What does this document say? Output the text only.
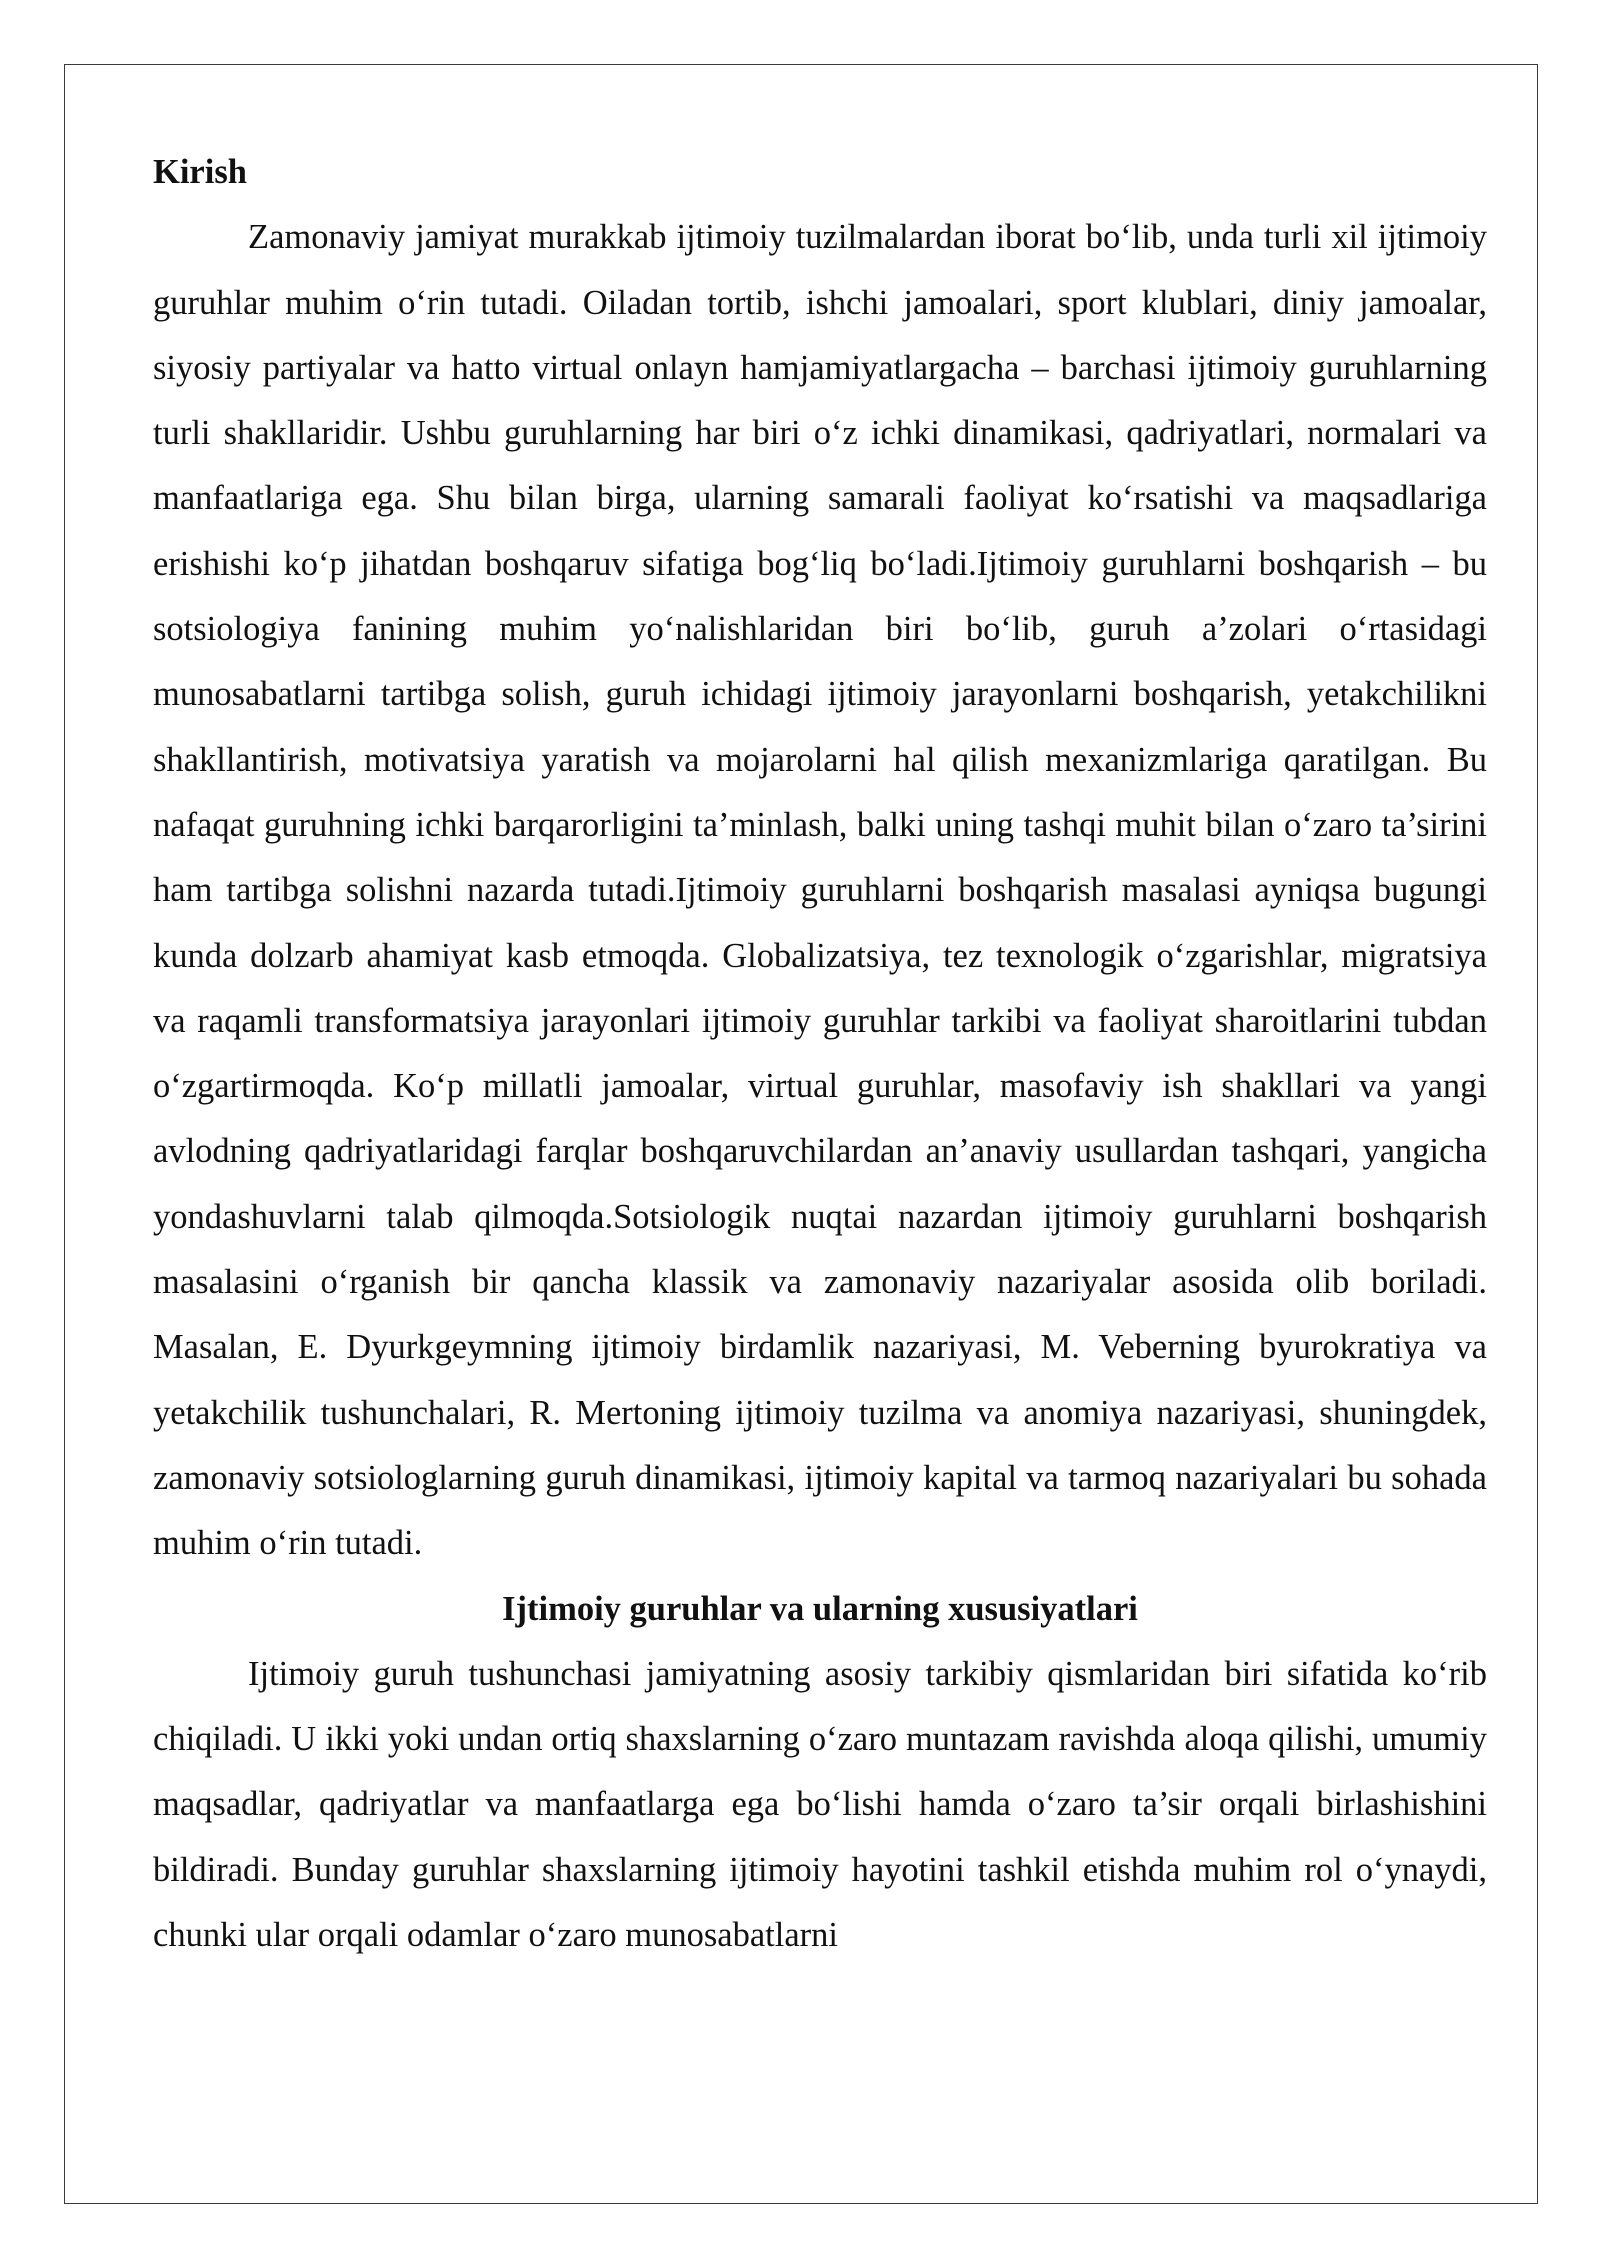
Kirish

Zamonaviy jamiyat murakkab ijtimoiy tuzilmalardan iborat bo‘lib, unda turli xil ijtimoiy guruhlar muhim o‘rin tutadi. Oiladan tortib, ishchi jamoalari, sport klublari, diniy jamoalar, siyosiy partiyalar va hatto virtual onlayn hamjamiyatlargacha – barchasi ijtimoiy guruhlarning turli shakllaridir. Ushbu guruhlarning har biri o‘z ichki dinamikasi, qadriyatlari, normalari va manfaatlariga ega. Shu bilan birga, ularning samarali faoliyat ko‘rsatishi va maqsadlariga erishishi ko‘p jihatdan boshqaruv sifatiga bog‘liq bo‘ladi.Ijtimoiy guruhlarni boshqarish – bu sotsiologiya fanining muhim yo‘nalishlaridan biri bo‘lib, guruh a’zolari o‘rtasidagi munosabatlarni tartibga solish, guruh ichidagi ijtimoiy jarayonlarni boshqarish, yetakchilikni shakllantirish, motivatsiya yaratish va mojarolarni hal qilish mexanizmlariga qaratilgan. Bu nafaqat guruhning ichki barqarorligini ta’minlash, balki uning tashqi muhit bilan o‘zaro ta’sirini ham tartibga solishni nazarda tutadi.Ijtimoiy guruhlarni boshqarish masalasi ayniqsa bugungi kunda dolzarb ahamiyat kasb etmoqda. Globalizatsiya, tez texnologik o‘zgarishlar, migratsiya va raqamli transformatsiya jarayonlari ijtimoiy guruhlar tarkibi va faoliyat sharoitlarini tubdan o‘zgartirmoqda. Ko‘p millatli jamoalar, virtual guruhlar, masofaviy ish shakllari va yangi avlodning qadriyatlaridagi farqlar boshqaruvchilardan an’anaviy usullardan tashqari, yangicha yondashuvlarni talab qilmoqda.Sotsiologik nuqtai nazardan ijtimoiy guruhlarni boshqarish masalasini o‘rganish bir qancha klassik va zamonaviy nazariyalar asosida olib boriladi. Masalan, E. Dyurkgeymning ijtimoiy birdamlik nazariyasi, M. Veberning byurokratiya va yetakchilik tushunchalari, R. Mertoning ijtimoiy tuzilma va anomiya nazariyasi, shuningdek, zamonaviy sotsiologlarning guruh dinamikasi, ijtimoiy kapital va tarmoq nazariyalari bu sohada muhim o‘rin tutadi.

Ijtimoiy guruhlar va ularning xususiyatlari

Ijtimoiy guruh tushunchasi jamiyatning asosiy tarkibiy qismlaridan biri sifatida ko‘rib chiqiladi. U ikki yoki undan ortiq shaxslarning o‘zaro muntazam ravishda aloqa qilishi, umumiy maqsadlar, qadriyatlar va manfaatlarga ega bo‘lishi hamda o‘zaro ta’sir orqali birlashishini bildiradi. Bunday guruhlar shaxslarning ijtimoiy hayotini tashkil etishda muhim rol o‘ynaydi, chunki ular orqali odamlar o‘zaro munosabatlarni
